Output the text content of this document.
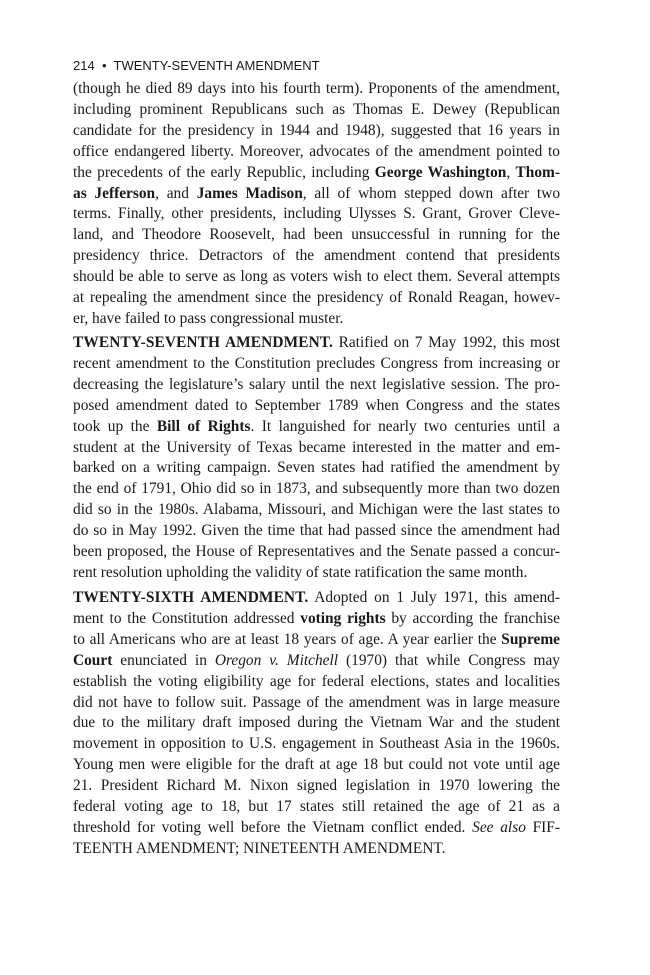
214 • TWENTY-SEVENTH AMENDMENT
(though he died 89 days into his fourth term). Proponents of the amendment,
including prominent Republicans such as Thomas E. Dewey (Republican
candidate for the presidency in 1944 and 1948), suggested that 16 years in
office endangered liberty. Moreover, advocates of the amendment pointed to
the precedents of the early Republic, including George Washington, Thom-
as Jefferson, and James Madison, all of whom stepped down after two
terms. Finally, other presidents, including Ulysses S. Grant, Grover Cleve-
land, and Theodore Roosevelt, had been unsuccessful in running for the
presidency thrice. Detractors of the amendment contend that presidents
should be able to serve as long as voters wish to elect them. Several attempts
at repealing the amendment since the presidency of Ronald Reagan, howev-
er, have failed to pass congressional muster.
TWENTY-SEVENTH AMENDMENT. Ratified on 7 May 1992, this most
recent amendment to the Constitution precludes Congress from increasing or
decreasing the legislature’s salary until the next legislative session. The pro-
posed amendment dated to September 1789 when Congress and the states
took up the Bill of Rights. It languished for nearly two centuries until a
student at the University of Texas became interested in the matter and em-
barked on a writing campaign. Seven states had ratified the amendment by
the end of 1791, Ohio did so in 1873, and subsequently more than two dozen
did so in the 1980s. Alabama, Missouri, and Michigan were the last states to
do so in May 1992. Given the time that had passed since the amendment had
been proposed, the House of Representatives and the Senate passed a concur-
rent resolution upholding the validity of state ratification the same month.
TWENTY-SIXTH AMENDMENT. Adopted on 1 July 1971, this amend-
ment to the Constitution addressed voting rights by according the franchise
to all Americans who are at least 18 years of age. A year earlier the Supreme
Court enunciated in Oregon v. Mitchell (1970) that while Congress may
establish the voting eligibility age for federal elections, states and localities
did not have to follow suit. Passage of the amendment was in large measure
due to the military draft imposed during the Vietnam War and the student
movement in opposition to U.S. engagement in Southeast Asia in the 1960s.
Young men were eligible for the draft at age 18 but could not vote until age
21. President Richard M. Nixon signed legislation in 1970 lowering the
federal voting age to 18, but 17 states still retained the age of 21 as a
threshold for voting well before the Vietnam conflict ended. See also FIF-
TEENTH AMENDMENT; NINETEENTH AMENDMENT.
